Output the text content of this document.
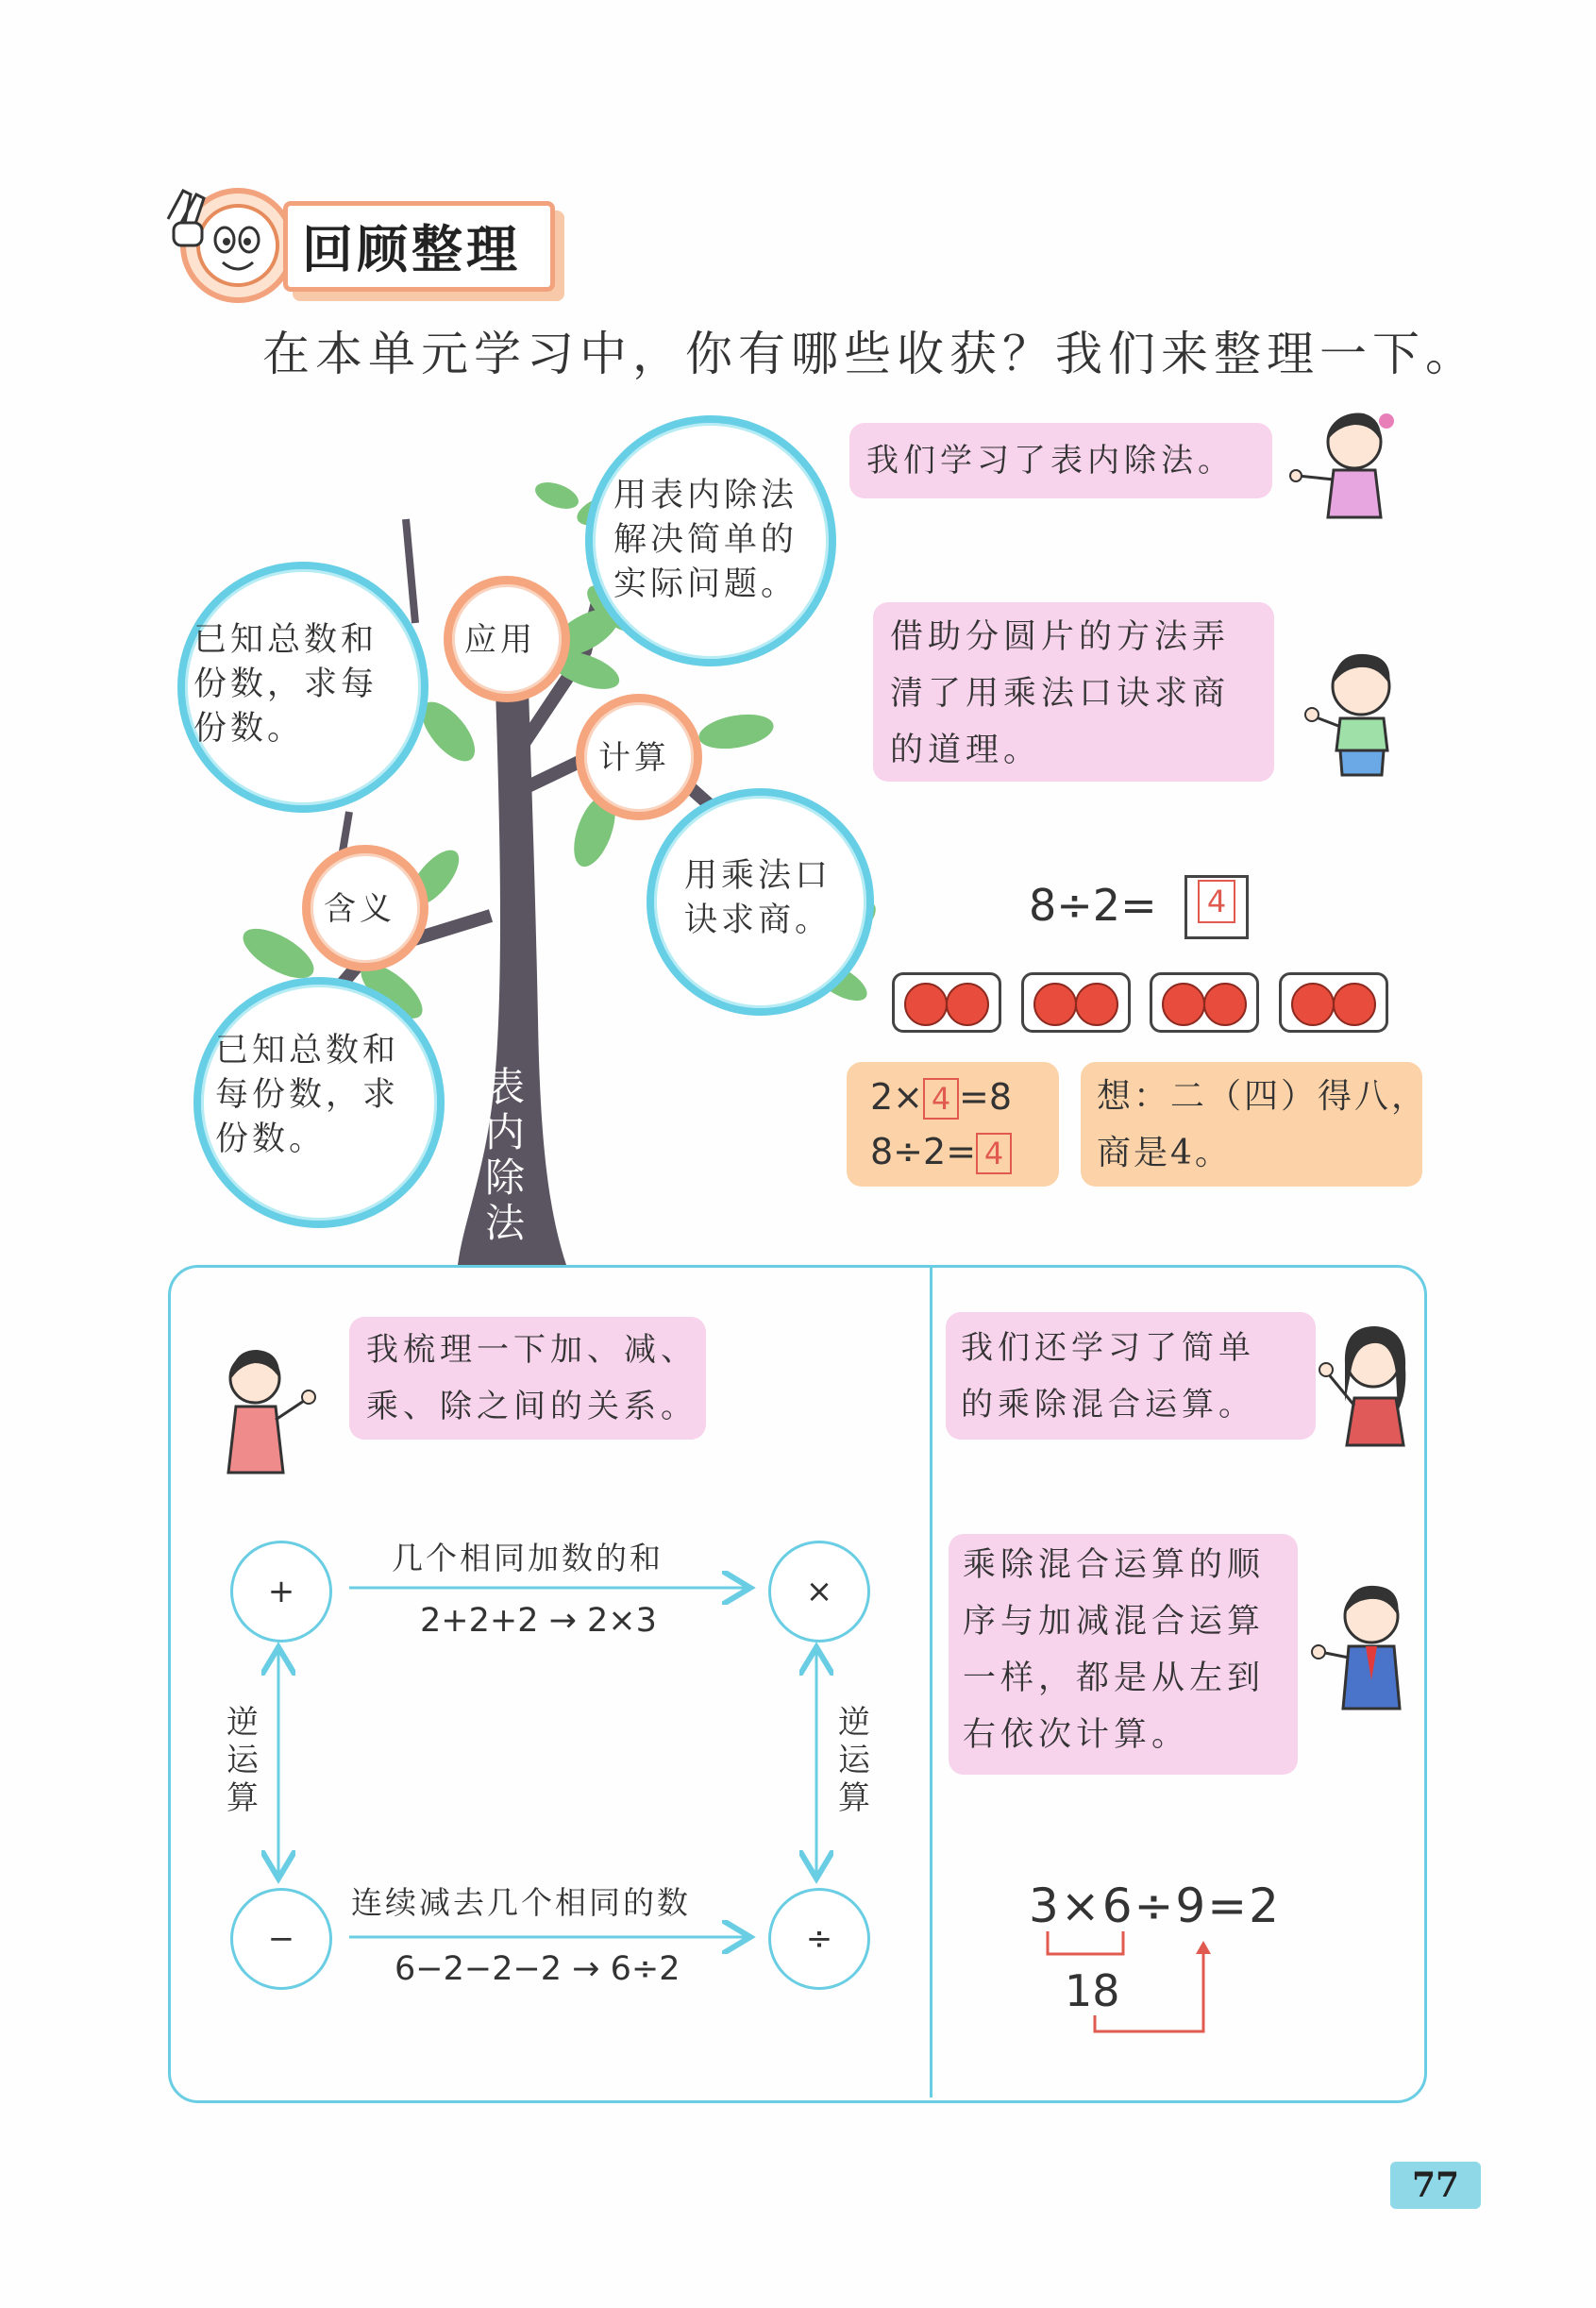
回顾整理
在本单元学习中，你有哪些收获？我们来整理一下。
表
内
除
法
应用
计算
含义
用表内除法
解决简单的
实际问题。
已知总数和
份数，求每
份数。
用乘法口
诀求商。
已知总数和
每份数，求
份数。
我们学习了表内除法。
借助分圆片的方法弄
清了用乘法口诀求商
的道理。
8÷2=	4
2× 4 =8
8÷2= 4
想：二（四）得八，
商是4。
我梳理一下加、减、
乘、除之间的关系。
+	×
−	÷
几个相同加数的和
2+2+2 → 2×3
连续减去几个相同的数
6−2−2−2 → 6÷2
逆
运
算
逆
运
算
我们还学习了简单
的乘除混合运算。
乘除混合运算的顺
序与加减混合运算
一样，都是从左到
右依次计算。
3×6÷9=2
18
77
